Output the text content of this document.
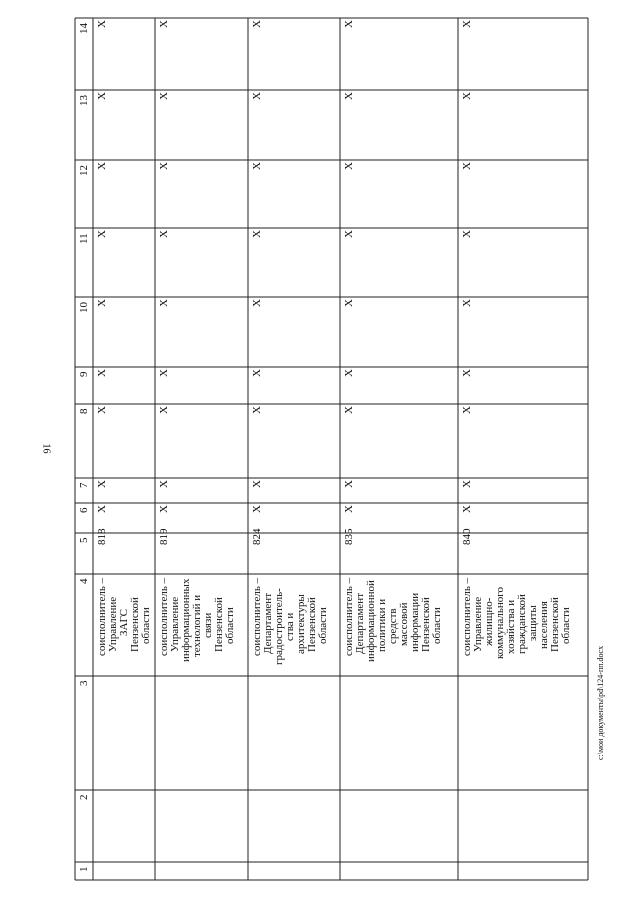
16
c:\мои документы\pd\124-пп.docx
1
2
3
4
5
6
7
8
9
10
11
12
13
14
соисполнитель – Управление ЗАГС Пензенской области
818
X
X
X
X
X
X
X
X
X
соисполнитель – Управление информационных технологий и связи Пензенской области
819
X
X
X
X
X
X
X
X
X
соисполнитель – Департамент градостроитель- ства и архитектуры Пензенской области
824
X
X
X
X
X
X
X
X
X
соисполнитель – Департамент информационной политики и средств массовой информации Пензенской области
835
X
X
X
X
X
X
X
X
X
соисполнитель – Управление жилищно- коммунального хозяйства и гражданской защиты населения Пензенской области
840
X
X
X
X
X
X
X
X
X
